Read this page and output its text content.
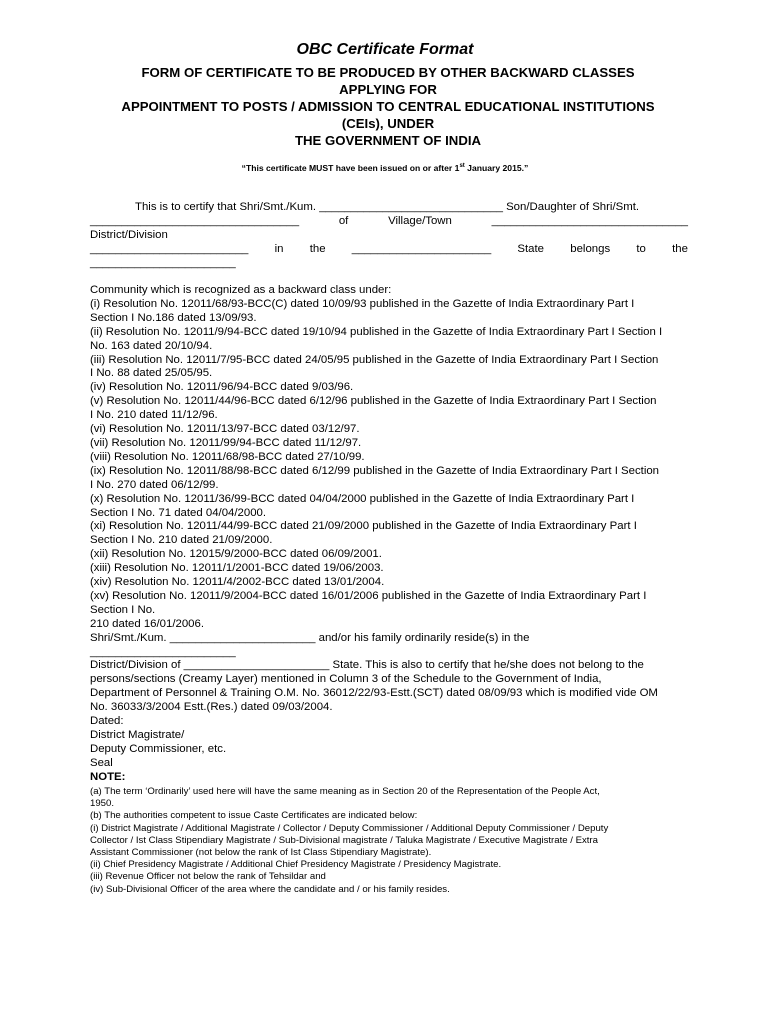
OBC Certificate Format
FORM OF CERTIFICATE TO BE PRODUCED BY OTHER BACKWARD CLASSES
APPLYING FOR
APPOINTMENT TO POSTS / ADMISSION TO CENTRAL EDUCATIONAL INSTITUTIONS
(CEIs), UNDER
THE GOVERNMENT OF INDIA
“This certificate MUST have been issued on or after 1st January 2015.”
This is to certify that Shri/Smt./Kum. _____________________________ Son/Daughter of Shri/Smt.
_________________________________	of	Village/Town	_______________________________
District/Division
_________________________ in the ______________________ State belongs to the
_______________________
Community which is recognized as a backward class under:
(i) Resolution No. 12011/68/93-BCC(C) dated 10/09/93 published in the Gazette of India Extraordinary Part I
Section I No.186 dated 13/09/93.
(ii) Resolution No. 12011/9/94-BCC dated 19/10/94 published in the Gazette of India Extraordinary Part I Section I
No. 163 dated 20/10/94.
(iii) Resolution No. 12011/7/95-BCC dated 24/05/95 published in the Gazette of India Extraordinary Part I Section
I No. 88 dated 25/05/95.
(iv) Resolution No. 12011/96/94-BCC dated 9/03/96.
(v) Resolution No. 12011/44/96-BCC dated 6/12/96 published in the Gazette of India Extraordinary Part I Section
I No. 210 dated 11/12/96.
(vi) Resolution No. 12011/13/97-BCC dated 03/12/97.
(vii) Resolution No. 12011/99/94-BCC dated 11/12/97.
(viii) Resolution No. 12011/68/98-BCC dated 27/10/99.
(ix) Resolution No. 12011/88/98-BCC dated 6/12/99 published in the Gazette of India Extraordinary Part I Section
I No. 270 dated 06/12/99.
(x) Resolution No. 12011/36/99-BCC dated 04/04/2000 published in the Gazette of India Extraordinary Part I
Section I No. 71 dated 04/04/2000.
(xi) Resolution No. 12011/44/99-BCC dated 21/09/2000 published in the Gazette of India Extraordinary Part I
Section I No. 210 dated 21/09/2000.
(xii) Resolution No. 12015/9/2000-BCC dated 06/09/2001.
(xiii) Resolution No. 12011/1/2001-BCC dated 19/06/2003.
(xiv) Resolution No. 12011/4/2002-BCC dated 13/01/2004.
(xv) Resolution No. 12011/9/2004-BCC dated 16/01/2006 published in the Gazette of India Extraordinary Part I
Section I No.
210 dated 16/01/2006.
Shri/Smt./Kum. _______________________ and/or his family ordinarily reside(s) in the
_______________________
District/Division of _______________________ State. This is also to certify that he/she does not belong to the
persons/sections (Creamy Layer) mentioned in Column 3 of the Schedule to the Government of India,
Department of Personnel & Training O.M. No. 36012/22/93-Estt.(SCT) dated 08/09/93 which is modified vide OM
No. 36033/3/2004 Estt.(Res.) dated 09/03/2004.
Dated:
District Magistrate/
Deputy Commissioner, etc.
Seal
NOTE:
(a) The term ‘Ordinarily’ used here will have the same meaning as in Section 20 of the Representation of the People Act,
1950.
(b) The authorities competent to issue Caste Certificates are indicated below:
(i) District Magistrate / Additional Magistrate / Collector / Deputy Commissioner / Additional Deputy Commissioner / Deputy
Collector / Ist Class Stipendiary Magistrate / Sub-Divisional magistrate / Taluka Magistrate / Executive Magistrate / Extra
Assistant Commissioner (not below the rank of Ist Class Stipendiary Magistrate).
(ii) Chief Presidency Magistrate / Additional Chief Presidency Magistrate / Presidency Magistrate.
(iii) Revenue Officer not below the rank of Tehsildar and
(iv) Sub-Divisional Officer of the area where the candidate and / or his family resides.
